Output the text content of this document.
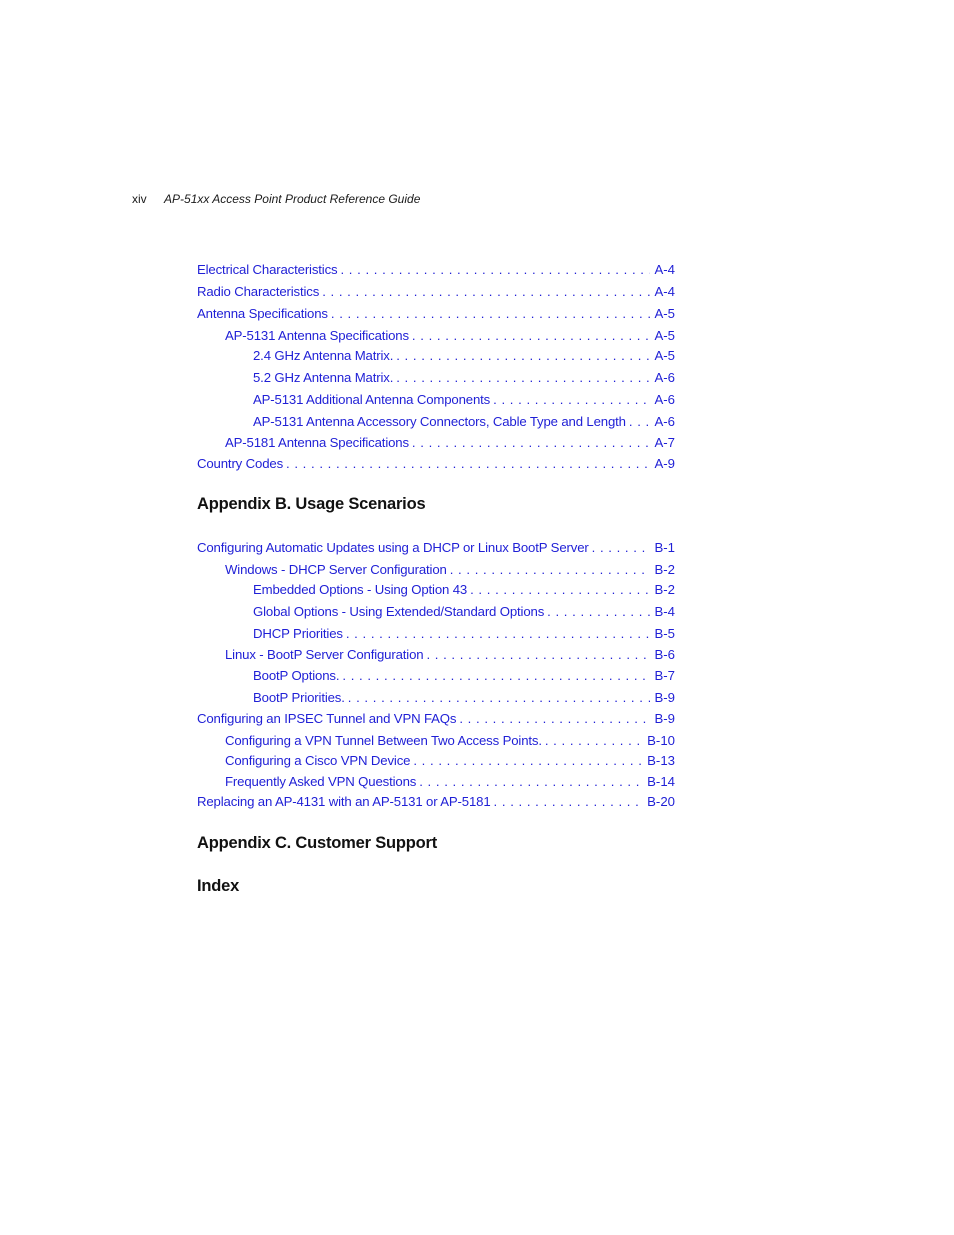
xiv AP-51xx Access Point Product Reference Guide
Electrical Characteristics . . .	A-4
Radio Characteristics . . .	A-4
Antenna Specifications . . .	A-5
AP-5131 Antenna Specifications . . .	A-5
2.4 GHz Antenna Matrix. . . .	A-5
5.2 GHz Antenna Matrix. . . .	A-6
AP-5131 Additional Antenna Components . . .	A-6
AP-5131 Antenna Accessory Connectors, Cable Type and Length . . .	A-6
AP-5181 Antenna Specifications . . .	A-7
Country Codes . . .	A-9
Appendix B. Usage Scenarios
Configuring Automatic Updates using a DHCP or Linux BootP Server . . .	B-1
Windows - DHCP Server Configuration . . .	B-2
Embedded Options - Using Option 43 . . .	B-2
Global Options - Using Extended/Standard Options . . .	B-4
DHCP Priorities . . .	B-5
Linux - BootP Server Configuration . . .	B-6
BootP Options. . . .	B-7
BootP Priorities. . . .	B-9
Configuring an IPSEC Tunnel and VPN FAQs . . .	B-9
Configuring a VPN Tunnel Between Two Access Points. . . .	B-10
Configuring a Cisco VPN Device . . .	B-13
Frequently Asked VPN Questions . . .	B-14
Replacing an AP-4131 with an AP-5131 or AP-5181 . . .	B-20
Appendix C. Customer Support
Index
